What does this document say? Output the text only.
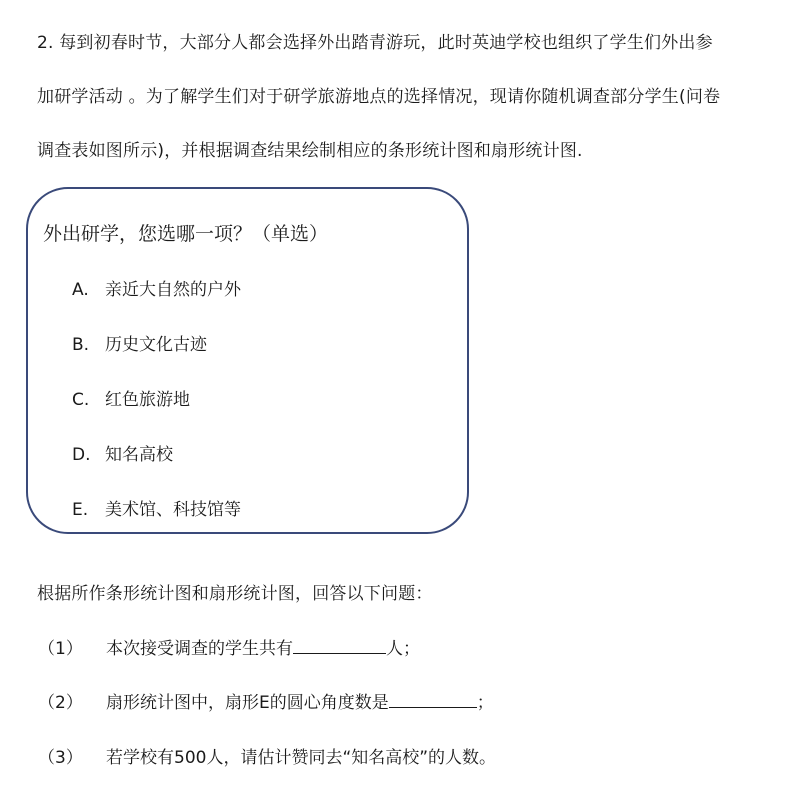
2. 每到初春时节，大部分人都会选择外出踏青游玩，此时英迪学校也组织了学生们外出参
加研学活动 。为了解学生们对于研学旅游地点的选择情况，现请你随机调查部分学生(问卷
调查表如图所示)，并根据调查结果绘制相应的条形统计图和扇形统计图.
外出研学，您选哪一项？（单选）
A. 亲近大自然的户外
B. 历史文化古迹
C. 红色旅游地
D. 知名高校
E. 美术馆、科技馆等
根据所作条形统计图和扇形统计图，回答以下问题：
（1） 本次接受调查的学生共有	人；
（2） 扇形统计图中，扇形E的圆心角度数是	；
（3） 若学校有500人，请估计赞同去“知名高校”的人数。
